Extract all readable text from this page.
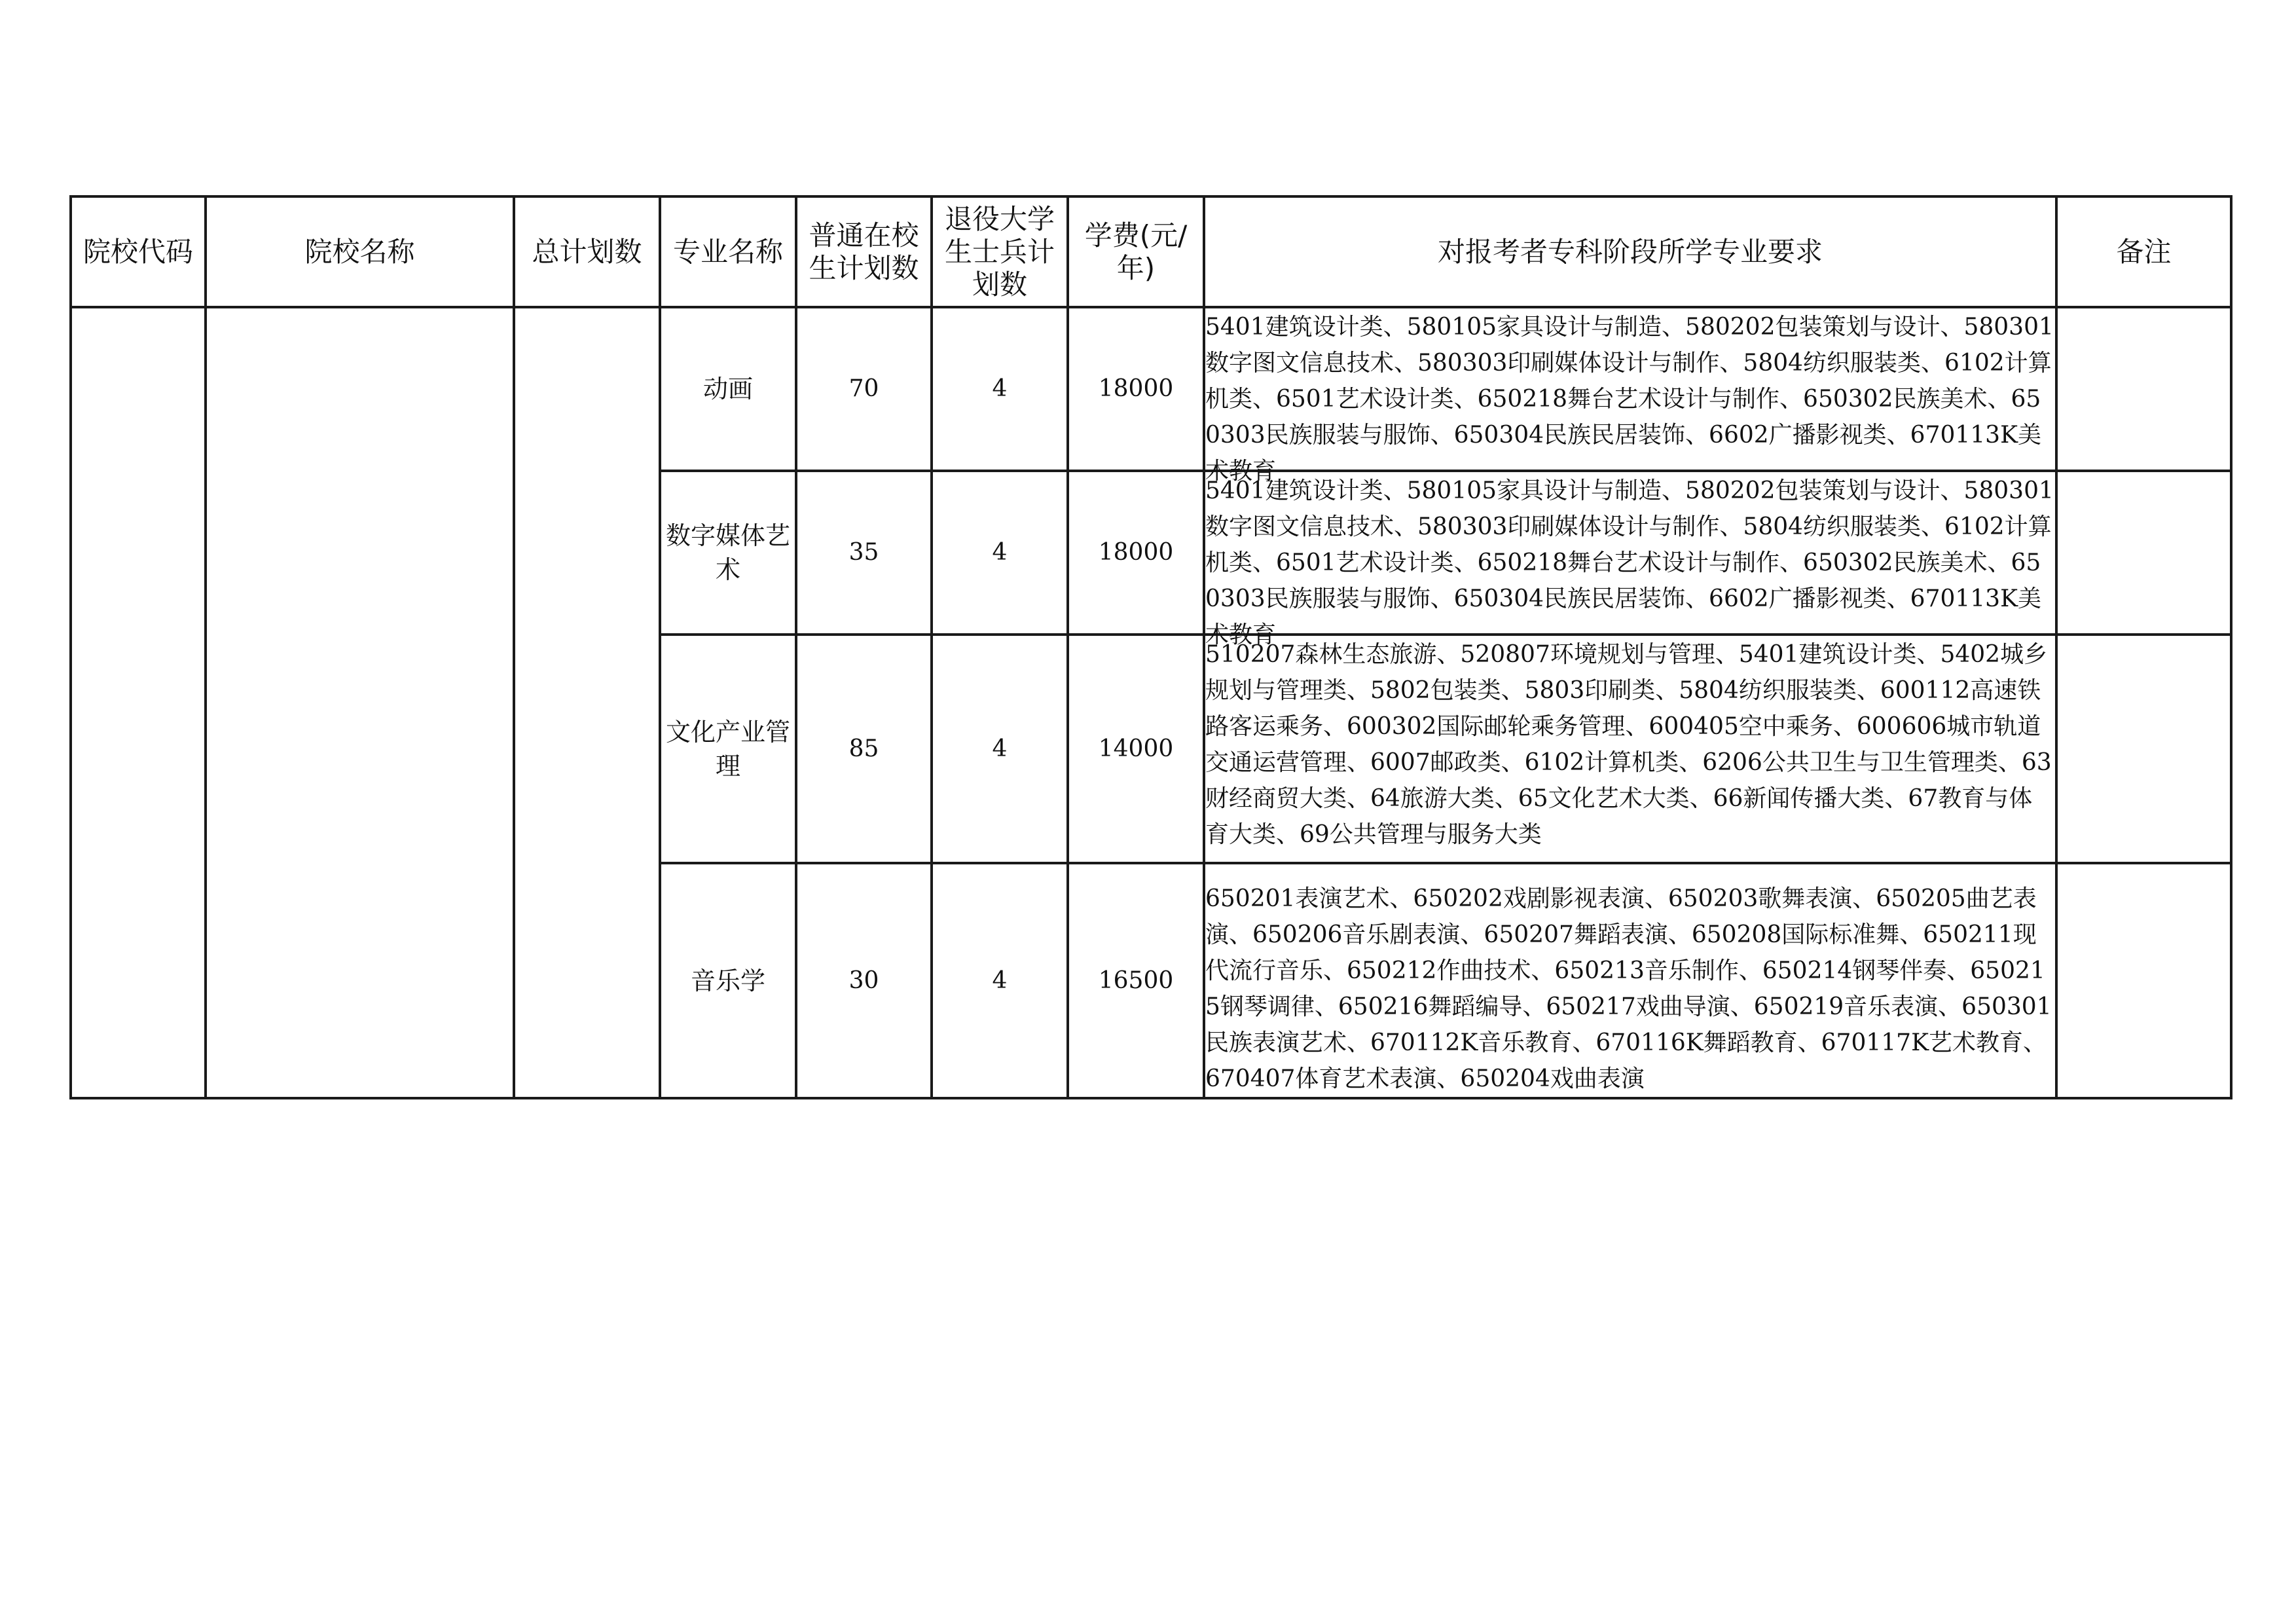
院校代码	院校名称	总计划数	专业名称	普通在校生计划数	退役大学生士兵计划数	学费(元/年)	对报考者专科阶段所学专业要求	备注
			动画	70	4	18000	5401建筑设计类、580105家具设计与制造、580202包装策划与设计、580301数字图文信息技术、580303印刷媒体设计与制作、5804纺织服装类、6102计算机类、6501艺术设计类、650218舞台艺术设计与制作、650302民族美术、650303民族服装与服饰、650304民族民居装饰、6602广播影视类、670113K美术教育	

			数字媒体艺术	35	4	18000	5401建筑设计类、580105家具设计与制造、580202包装策划与设计、580301数字图文信息技术、580303印刷媒体设计与制作、5804纺织服装类、6102计算机类、6501艺术设计类、650218舞台艺术设计与制作、650302民族美术、650303民族服装与服饰、650304民族民居装饰、6602广播影视类、670113K美术教育	

			文化产业管理	85	4	14000	510207森林生态旅游、520807环境规划与管理、5401建筑设计类、5402城乡规划与管理类、5802包装类、5803印刷类、5804纺织服装类、600112高速铁路客运乘务、600302国际邮轮乘务管理、600405空中乘务、600606城市轨道交通运营管理、6007邮政类、6102计算机类、6206公共卫生与卫生管理类、63财经商贸大类、64旅游大类、65文化艺术大类、66新闻传播大类、67教育与体育大类、69公共管理与服务大类	

			音乐学	30	4	16500	650201表演艺术、650202戏剧影视表演、650203歌舞表演、650205曲艺表演、650206音乐剧表演、650207舞蹈表演、650208国际标准舞、650211现代流行音乐、650212作曲技术、650213音乐制作、650214钢琴伴奏、650215钢琴调律、650216舞蹈编导、650217戏曲导演、650219音乐表演、650301民族表演艺术、670112K音乐教育、670116K舞蹈教育、670117K艺术教育、670407体育艺术表演、650204戏曲表演	
